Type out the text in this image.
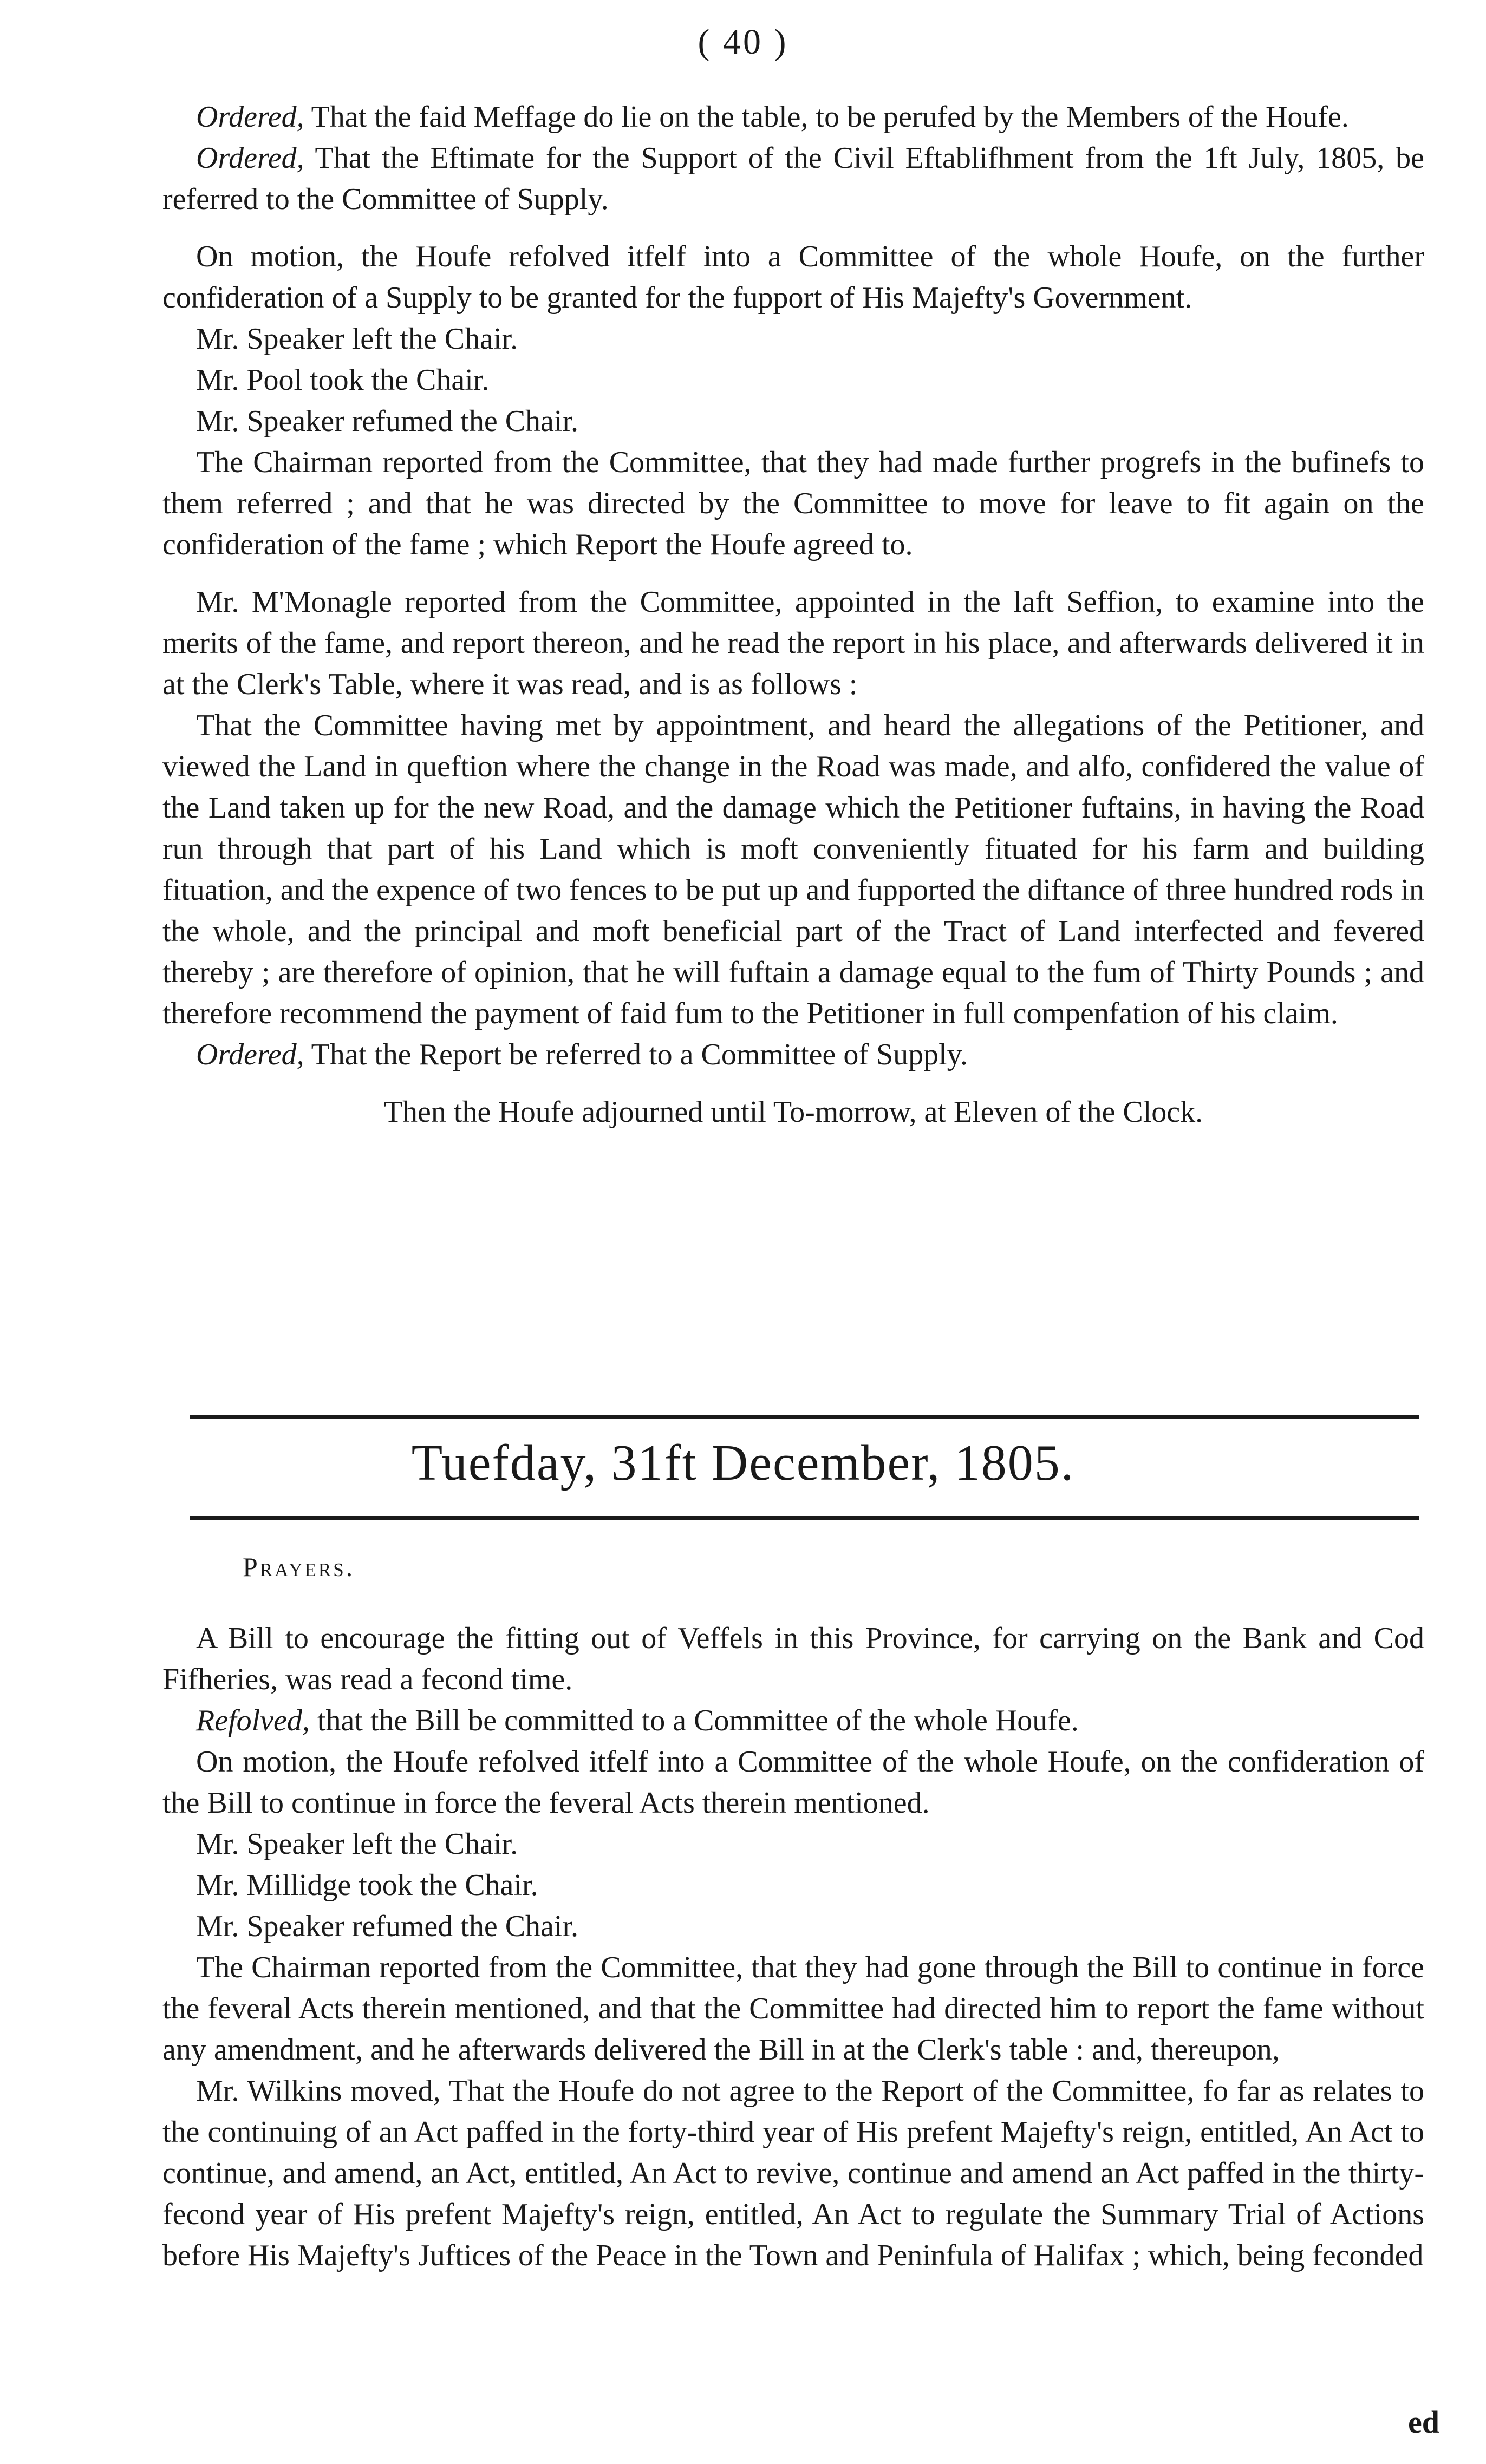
( 40 )

Ordered, That the faid Meffage do lie on the table, to be perufed by the Members of the Houfe.

Ordered, That the Eftimate for the Support of the Civil Eftablifhment from the 1ft July, 1805, be referred to the Committee of Supply.

On motion, the Houfe refolved itfelf into a Committee of the whole Houfe, on the further confideration of a Supply to be granted for the fupport of His Majefty's Government.

Mr. Speaker left the Chair.

Mr. Pool took the Chair.

Mr. Speaker refumed the Chair.

The Chairman reported from the Committee, that they had made further progrefs in the bufinefs to them referred ; and that he was directed by the Committee to move for leave to fit again on the confideration of the fame ; which Report the Houfe agreed to.

Mr. M'Monagle reported from the Committee, appointed in the laft Seffion, to examine into the merits of the fame, and report thereon, and he read the report in his place, and afterwards delivered it in at the Clerk's Table, where it was read, and is as follows :

That the Committee having met by appointment, and heard the allegations of the Petitioner, and viewed the Land in queftion where the change in the Road was made, and alfo, confidered the value of the Land taken up for the new Road, and the damage which the Petitioner fuftains, in having the Road run through that part of his Land which is moft conveniently fituated for his farm and building fituation, and the expence of two fences to be put up and fupported the diftance of three hundred rods in the whole, and the principal and moft beneficial part of the Tract of Land interfected and fevered thereby ; are therefore of opinion, that he will fuftain a damage equal to the fum of Thirty Pounds ; and therefore recommend the payment of faid fum to the Petitioner in full compenfation of his claim.

Ordered, That the Report be referred to a Committee of Supply.

Then the Houfe adjourned until To-morrow, at Eleven of the Clock.

Tuefday, 31ft December, 1805.
Prayers.

A Bill to encourage the fitting out of Veffels in this Province, for carrying on the Bank and Cod Fifheries, was read a fecond time.

Refolved, that the Bill be committed to a Committee of the whole Houfe.

On motion, the Houfe refolved itfelf into a Committee of the whole Houfe, on the confideration of the Bill to continue in force the feveral Acts therein mentioned.

Mr. Speaker left the Chair.

Mr. Millidge took the Chair.

Mr. Speaker refumed the Chair.

The Chairman reported from the Committee, that they had gone through the Bill to continue in force the feveral Acts therein mentioned, and that the Committee had directed him to report the fame without any amendment, and he afterwards delivered the Bill in at the Clerk's table : and, thereupon,

Mr. Wilkins moved, That the Houfe do not agree to the Report of the Committee, fo far as relates to the continuing of an Act paffed in the forty-third year of His prefent Majefty's reign, entitled, An Act to continue, and amend, an Act, entitled, An Act to revive, continue and amend an Act paffed in the thirty-fecond year of His prefent Majefty's reign, entitled, An Act to regulate the Summary Trial of Actions before His Majefty's Juftices of the Peace in the Town and Peninfula of Halifax ; which, being feconded

ed
